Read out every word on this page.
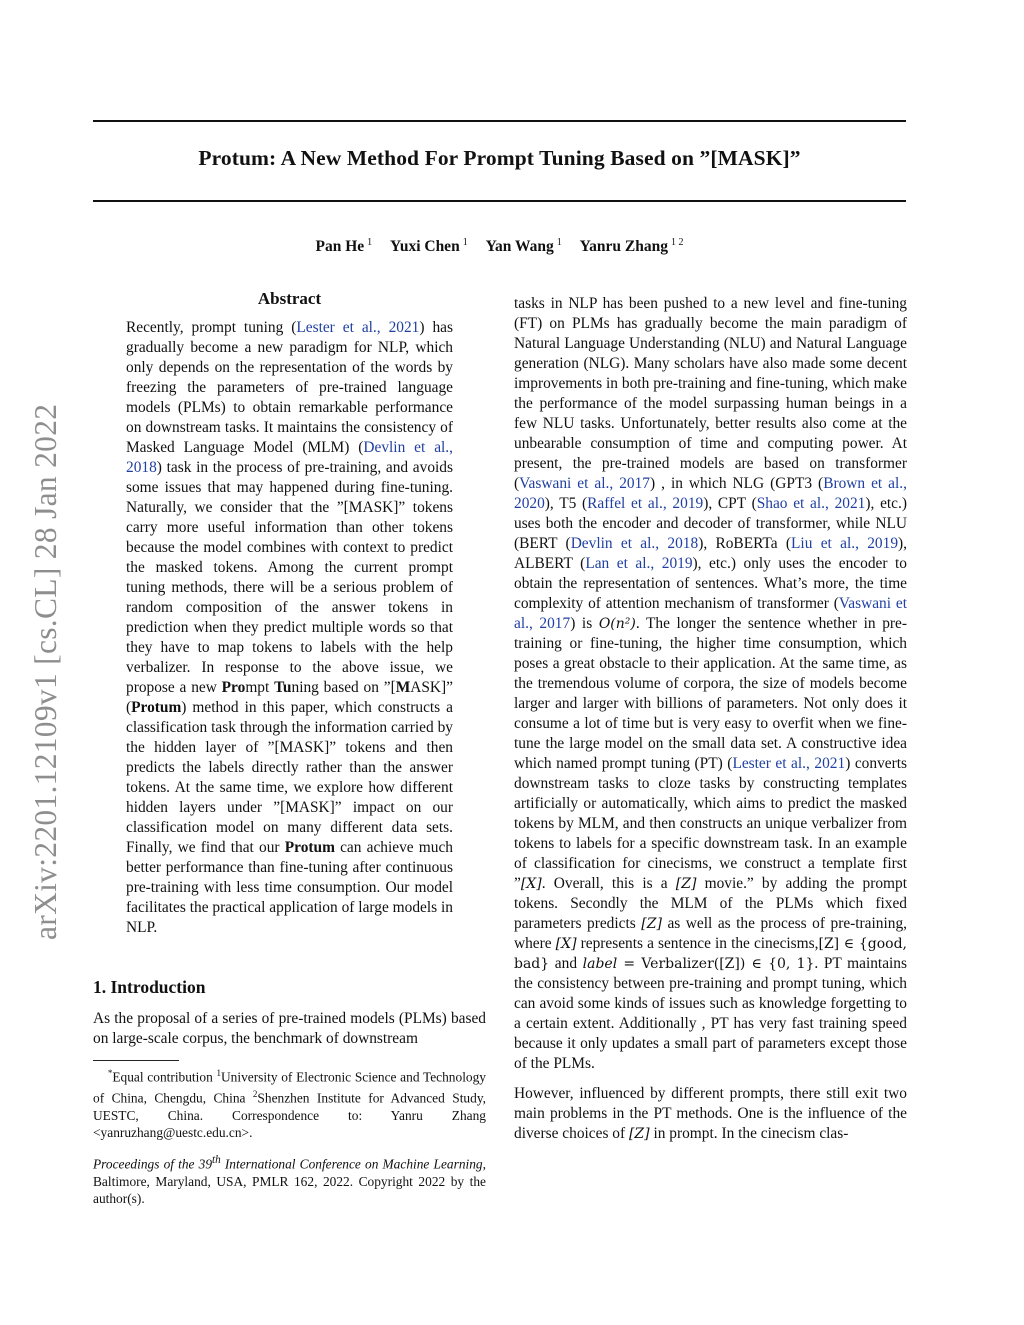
Protum: A New Method For Prompt Tuning Based on ”[MASK]”
Pan He $^1$ Yuxi Chen $^1$ Yan Wang $^1$ Yanru Zhang $^{1 2}$
arXiv:2201.12109v1 [cs.CL] 28 Jan 2022
Abstract
Recently, prompt tuning (Lester et al., 2021) has gradually become a new paradigm for NLP, which only depends on the representation of the words by freezing the parameters of pre-trained language models (PLMs) to obtain remarkable performance on downstream tasks. It maintains the consistency of Masked Language Model (MLM) (Devlin et al., 2018) task in the process of pre-training, and avoids some issues that may happened during fine-tuning. Naturally, we consider that the ”[MASK]” tokens carry more useful information than other tokens because the model combines with context to predict the masked tokens. Among the current prompt tuning methods, there will be a serious problem of random composition of the answer tokens in prediction when they predict multiple words so that they have to map tokens to labels with the help verbalizer. In response to the above issue, we propose a new Prompt Tuning based on ”[MASK]” (Protum) method in this paper, which constructs a classification task through the information carried by the hidden layer of ”[MASK]” tokens and then predicts the labels directly rather than the answer tokens. At the same time, we explore how different hidden layers under ”[MASK]” impact on our classification model on many different data sets. Finally, we find that our Protum can achieve much better performance than fine-tuning after continuous pre-training with less time consumption. Our model facilitates the practical application of large models in NLP.
1. Introduction
As the proposal of a series of pre-trained models (PLMs) based on large-scale corpus, the benchmark of downstream
*Equal contribution $^1$University of Electronic Science and Technology of China, Chengdu, China $^2$Shenzhen Institute for Advanced Study, UESTC, China. Correspondence to: Yanru Zhang <yanruzhang@uestc.edu.cn>.
Proceedings of the 39th International Conference on Machine Learning, Baltimore, Maryland, USA, PMLR 162, 2022. Copyright 2022 by the author(s).
tasks in NLP has been pushed to a new level and fine-tuning (FT) on PLMs has gradually become the main paradigm of Natural Language Understanding (NLU) and Natural Language generation (NLG). Many scholars have also made some decent improvements in both pre-training and fine-tuning, which make the performance of the model surpassing human beings in a few NLU tasks. Unfortunately, better results also come at the unbearable consumption of time and computing power. At present, the pre-trained models are based on transformer (Vaswani et al., 2017) , in which NLG (GPT3 (Brown et al., 2020), T5 (Raffel et al., 2019), CPT (Shao et al., 2021), etc.) uses both the encoder and decoder of transformer, while NLU (BERT (Devlin et al., 2018), RoBERTa (Liu et al., 2019), ALBERT (Lan et al., 2019), etc.) only uses the encoder to obtain the representation of sentences. What’s more, the time complexity of attention mechanism of transformer (Vaswani et al., 2017) is O(n²). The longer the sentence whether in pre-training or fine-tuning, the higher time consumption, which poses a great obstacle to their application. At the same time, as the tremendous volume of corpora, the size of models become larger and larger with billions of parameters. Not only does it consume a lot of time but is very easy to overfit when we fine-tune the large model on the small data set. A constructive idea which named prompt tuning (PT) (Lester et al., 2021) converts downstream tasks to cloze tasks by constructing templates artificially or automatically, which aims to predict the masked tokens by MLM, and then constructs an unique verbalizer from tokens to labels for a specific downstream task. In an example of classification for cinecisms, we construct a template first ”[X]. Overall, this is a [Z] movie.” by adding the prompt tokens. Secondly the MLM of the PLMs which fixed parameters predicts [Z] as well as the process of pre-training, where [X] represents a sentence in the cinecisms,[Z] ∈ {good, bad} and label = Verbalizer([Z]) ∈ {0, 1}. PT maintains the consistency between pre-training and prompt tuning, which can avoid some kinds of issues such as knowledge forgetting to a certain extent. Additionally , PT has very fast training speed because it only updates a small part of parameters except those of the PLMs.
However, influenced by different prompts, there still exit two main problems in the PT methods. One is the influence of the diverse choices of [Z] in prompt. In the cinecism clas-
